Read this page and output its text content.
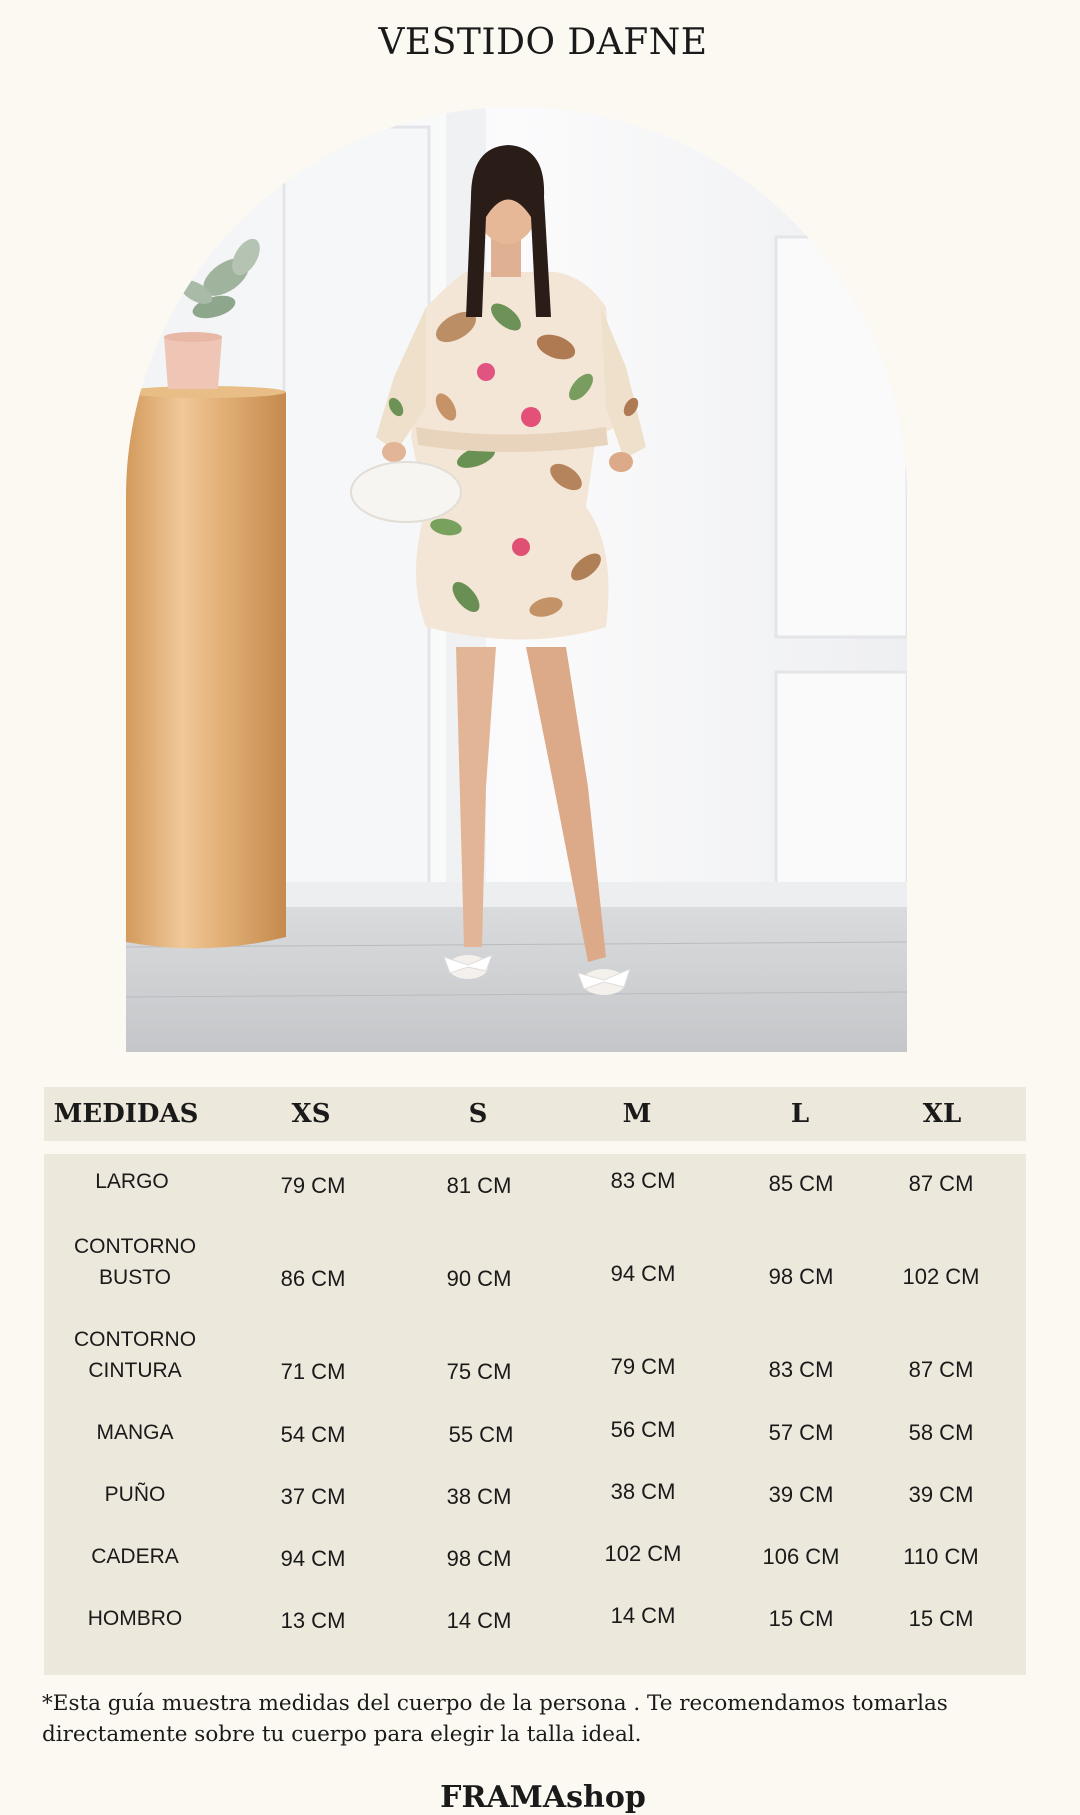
VESTIDO DAFNE
MEDIDAS	XS	S	M	L	XL
LARGO	79 CM	81 CM	83 CM	85 CM	87 CM
CONTORNO BUSTO	86 CM	90 CM	94 CM	98 CM	102 CM
CONTORNO CINTURA	71 CM	75 CM	79 CM	83 CM	87 CM
MANGA	54 CM	55 CM	56 CM	57 CM	58 CM
PUÑO	37 CM	38 CM	38 CM	39 CM	39 CM
CADERA	94 CM	98 CM	102 CM	106 CM	110 CM
HOMBRO	13 CM	14 CM	14 CM	15 CM	15 CM

*Esta guía muestra medidas del cuerpo de la persona . Te recomendamos tomarlas directamente sobre tu cuerpo para elegir la talla ideal.

FRAMAshop
